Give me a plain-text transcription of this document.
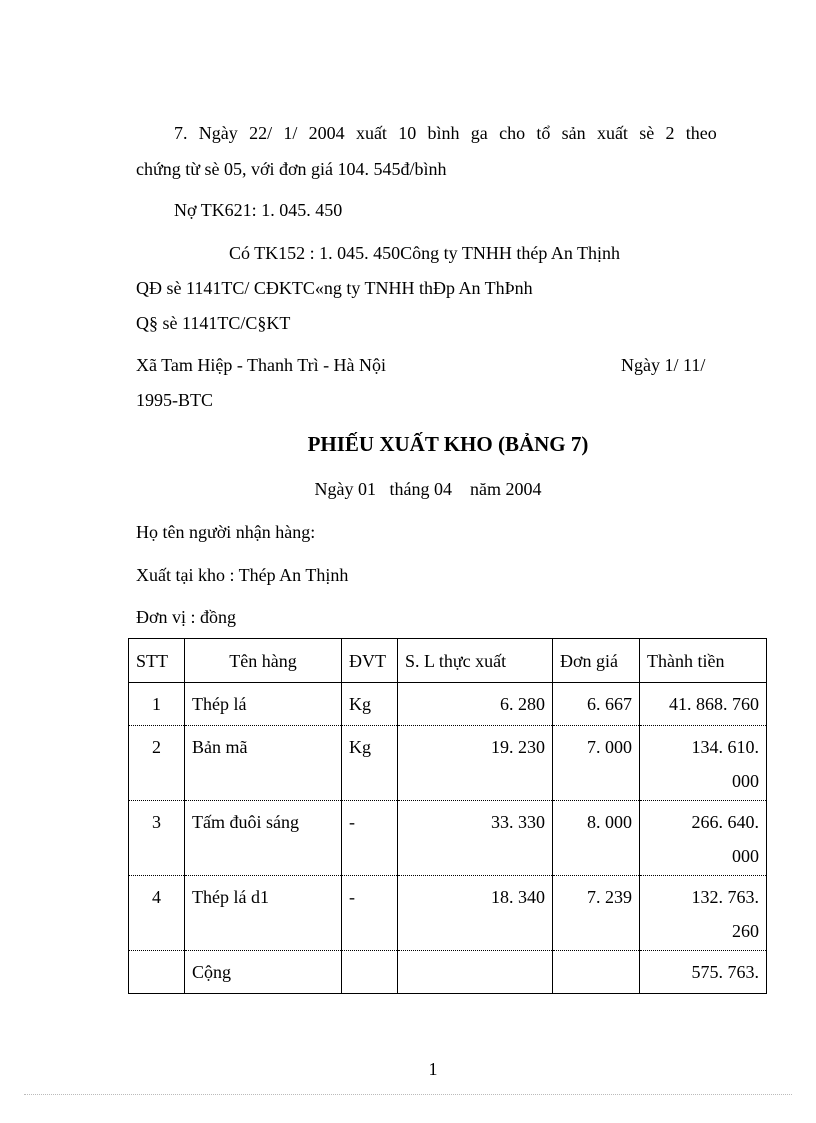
7. Ngày 22/ 1/ 2004 xuất 10 bình ga cho tổ sản xuất sè 2 theo
chứng từ sè 05, với đơn giá 104. 545đ/bình
Nợ TK621: 1. 045. 450
Có TK152 : 1. 045. 450Công ty TNHH thép An Thịnh
QĐ sè 1141TC/ CĐKTC«ng ty TNHH thÐp An ThÞnh
Q§ sè 1141TC/C§KT
Xã Tam Hiệp - Thanh Trì - Hà Nội	Ngày 1/ 11/
1995-BTC
PHIẾU XUẤT KHO (BẢNG 7)
Ngày 01   tháng 04    năm 2004
Họ tên người nhận hàng:
Xuất tại kho : Thép An Thịnh
Đơn vị : đồng
STT	Tên hàng	ĐVT	S. L thực xuất	Đơn giá	Thành tiền
1	Thép lá	Kg	6. 280	6. 667	41. 868. 760

2	Bản mã	Kg	19. 230	7. 000	134. 610.
000

3	Tấm đuôi sáng	-	33. 330	8. 000	266. 640.
000

4	Thép lá d1	-	18. 340	7. 239	132. 763.
260

	Cộng				575. 763.
1
